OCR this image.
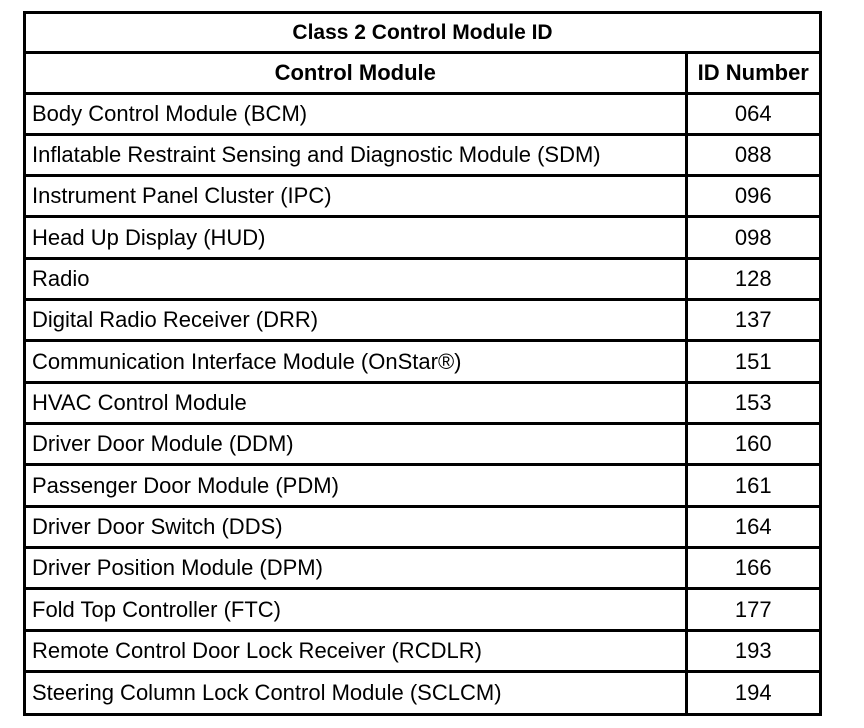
Class 2 Control Module ID	
Control Module	ID Number
Body Control Module (BCM)	064
Inflatable Restraint Sensing and Diagnostic Module (SDM)	088
Instrument Panel Cluster (IPC)	096
Head Up Display (HUD)	098
Radio	128
Digital Radio Receiver (DRR)	137
Communication Interface Module (OnStar®)	151
HVAC Control Module	153
Driver Door Module (DDM)	160
Passenger Door Module (PDM)	161
Driver Door Switch (DDS)	164
Driver Position Module (DPM)	166
Fold Top Controller (FTC)	177
Remote Control Door Lock Receiver (RCDLR)	193
Steering Column Lock Control Module (SCLCM)	194
